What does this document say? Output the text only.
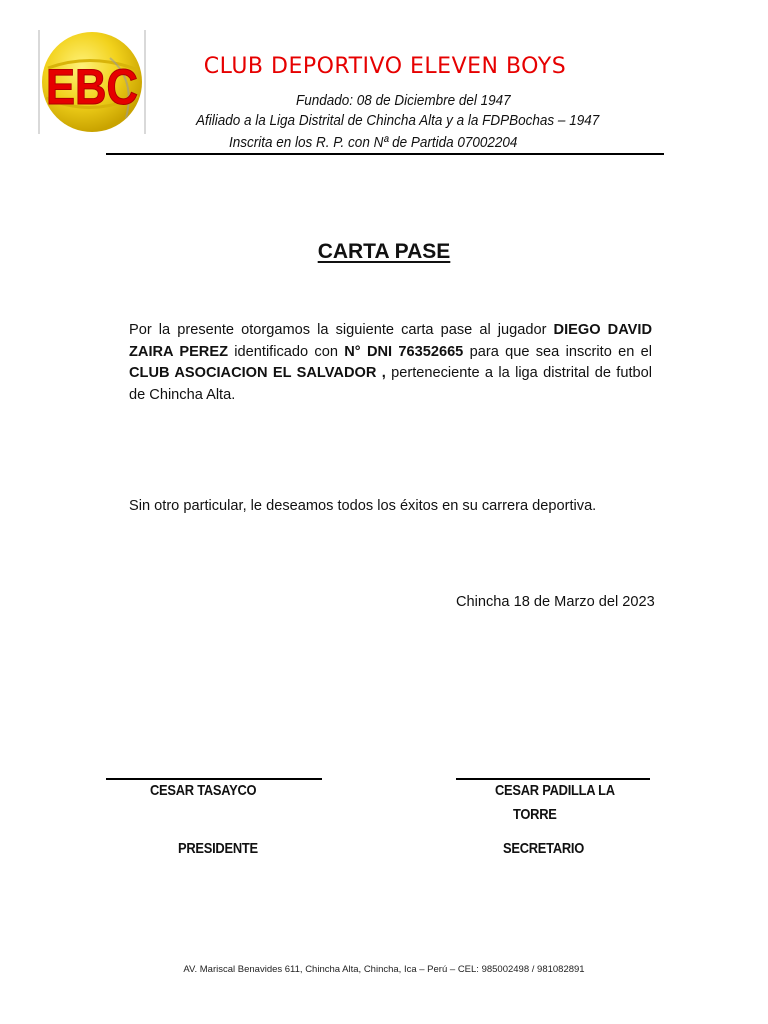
EBC	CLUB DEPORTIVO ELEVEN BOYS
Fundado: 08 de Diciembre del 1947
Afiliado a la Liga Distrital de Chincha Alta y a la FDPBochas – 1947
Inscrita en los R. P. con Nª de Partida 07002204
CARTA PASE
Por la presente otorgamos la siguiente carta pase al jugador DIEGO DAVID ZAIRA PEREZ identificado con N° DNI 76352665 para que sea inscrito en el CLUB ASOCIACION EL SALVADOR , perteneciente a la liga distrital de futbol de Chincha Alta.
Sin otro particular, le deseamos todos los éxitos en su carrera deportiva.
Chincha 18 de Marzo del 2023
CESAR TASAYCO
PRESIDENTE
CESAR PADILLA LA
TORRE
SECRETARIO
AV. Mariscal Benavides 611, Chincha Alta, Chincha, Ica – Perú – CEL: 985002498 / 981082891
